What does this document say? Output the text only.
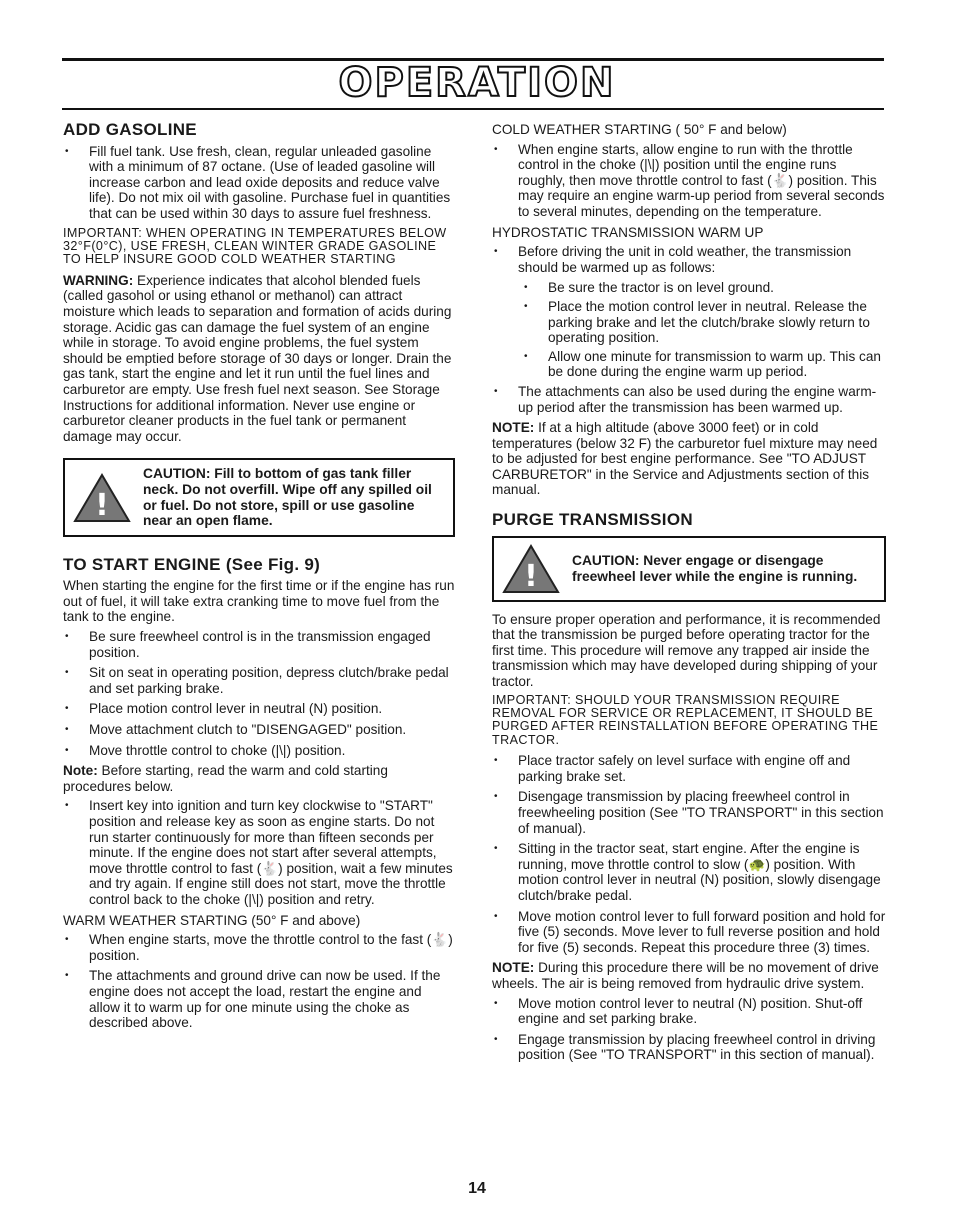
OPERATION
ADD GASOLINE
• Fill fuel tank. Use fresh, clean, regular unleaded gasoline with a minimum of 87 octane. (Use of leaded gasoline will increase carbon and lead oxide deposits and reduce valve life). Do not mix oil with gasoline. Purchase fuel in quantities that can be used within 30 days to assure fuel freshness.

IMPORTANT: WHEN OPERATING IN TEMPERATURES BELOW 32°F(0°C), USE FRESH, CLEAN WINTER GRADE GASOLINE TO HELP INSURE GOOD COLD WEATHER STARTING

WARNING: Experience indicates that alcohol blended fuels (called gasohol or using ethanol or methanol) can attract moisture which leads to separation and formation of acids during storage. Acidic gas can damage the fuel system of an engine while in storage. To avoid engine problems, the fuel system should be emptied before storage of 30 days or longer. Drain the gas tank, start the engine and let it run until the fuel lines and carburetor are empty. Use fresh fuel next season. See Storage Instructions for additional information. Never use engine or carburetor cleaner products in the fuel tank or permanent damage may occur.

!
CAUTION: Fill to bottom of gas tank filler neck. Do not overfill. Wipe off any spilled oil or fuel. Do not store, spill or use gasoline near an open flame.
TO START ENGINE (See Fig. 9)

When starting the engine for the first time or if the engine has run out of fuel, it will take extra cranking time to move fuel from the tank to the engine.

• Be sure freewheel control is in the transmission engaged position.
• Sit on seat in operating position, depress clutch/brake pedal and set parking brake.
• Place motion control lever in neutral (N) position.
• Move attachment clutch to "DISENGAGED" position.
• Move throttle control to choke (|\|) position.

Note: Before starting, read the warm and cold starting procedures below.

• Insert key into ignition and turn key clockwise to "START" position and release key as soon as engine starts. Do not run starter continuously for more than fifteen seconds per minute. If the engine does not start after several attempts, move throttle control to fast (🐇) position, wait a few minutes and try again. If engine still does not start, move the throttle control back to the choke (|\|) position and retry.

WARM WEATHER STARTING (50° F and above)

• When engine starts, move the throttle control to the fast (🐇) position.
• The attachments and ground drive can now be used. If the engine does not accept the load, restart the engine and allow it to warm up for one minute using the choke as described above.

COLD WEATHER STARTING ( 50° F and below)

• When engine starts, allow engine to run with the throttle control in the choke (|\|) position until the engine runs roughly, then move throttle control to fast (🐇) position. This may require an engine warm-up period from several seconds to several minutes, depending on the temperature.

HYDROSTATIC TRANSMISSION WARM UP

• Before driving the unit in cold weather, the transmission should be warmed up as follows:
• Be sure the tractor is on level ground.
• Place the motion control lever in neutral. Release the parking brake and let the clutch/brake slowly return to operating position.
• Allow one minute for transmission to warm up. This can be done during the engine warm up period.
• The attachments can also be used during the engine warm-up period after the transmission has been warmed up.

NOTE: If at a high altitude (above 3000 feet) or in cold temperatures (below 32 F) the carburetor fuel mixture may need to be adjusted for best engine performance. See "TO ADJUST CARBURETOR" in the Service and Adjustments section of this manual.

PURGE TRANSMISSION
! CAUTION: Never engage or disengage freewheel lever while the engine is running.

To ensure proper operation and performance, it is recommended that the transmission be purged before operating tractor for the first time. This procedure will remove any trapped air inside the transmission which may have developed during shipping of your tractor.

IMPORTANT: SHOULD YOUR TRANSMISSION REQUIRE REMOVAL FOR SERVICE OR REPLACEMENT, IT SHOULD BE PURGED AFTER REINSTALLATION BEFORE OPERATING THE TRACTOR.

• Place tractor safely on level surface with engine off and parking brake set.
• Disengage transmission by placing freewheel control in freewheeling position (See "TO TRANSPORT" in this section of manual).
• Sitting in the tractor seat, start engine. After the engine is running, move throttle control to slow (🐢) position. With motion control lever in neutral (N) position, slowly disengage clutch/brake pedal.
• Move motion control lever to full forward position and hold for five (5) seconds. Move lever to full reverse position and hold for five (5) seconds. Repeat this procedure three (3) times.

NOTE: During this procedure there will be no movement of drive wheels. The air is being removed from hydraulic drive system.

• Move motion control lever to neutral (N) position. Shut-off engine and set parking brake.
• Engage transmission by placing freewheel control in driving position (See "TO TRANSPORT" in this section of manual).
14
